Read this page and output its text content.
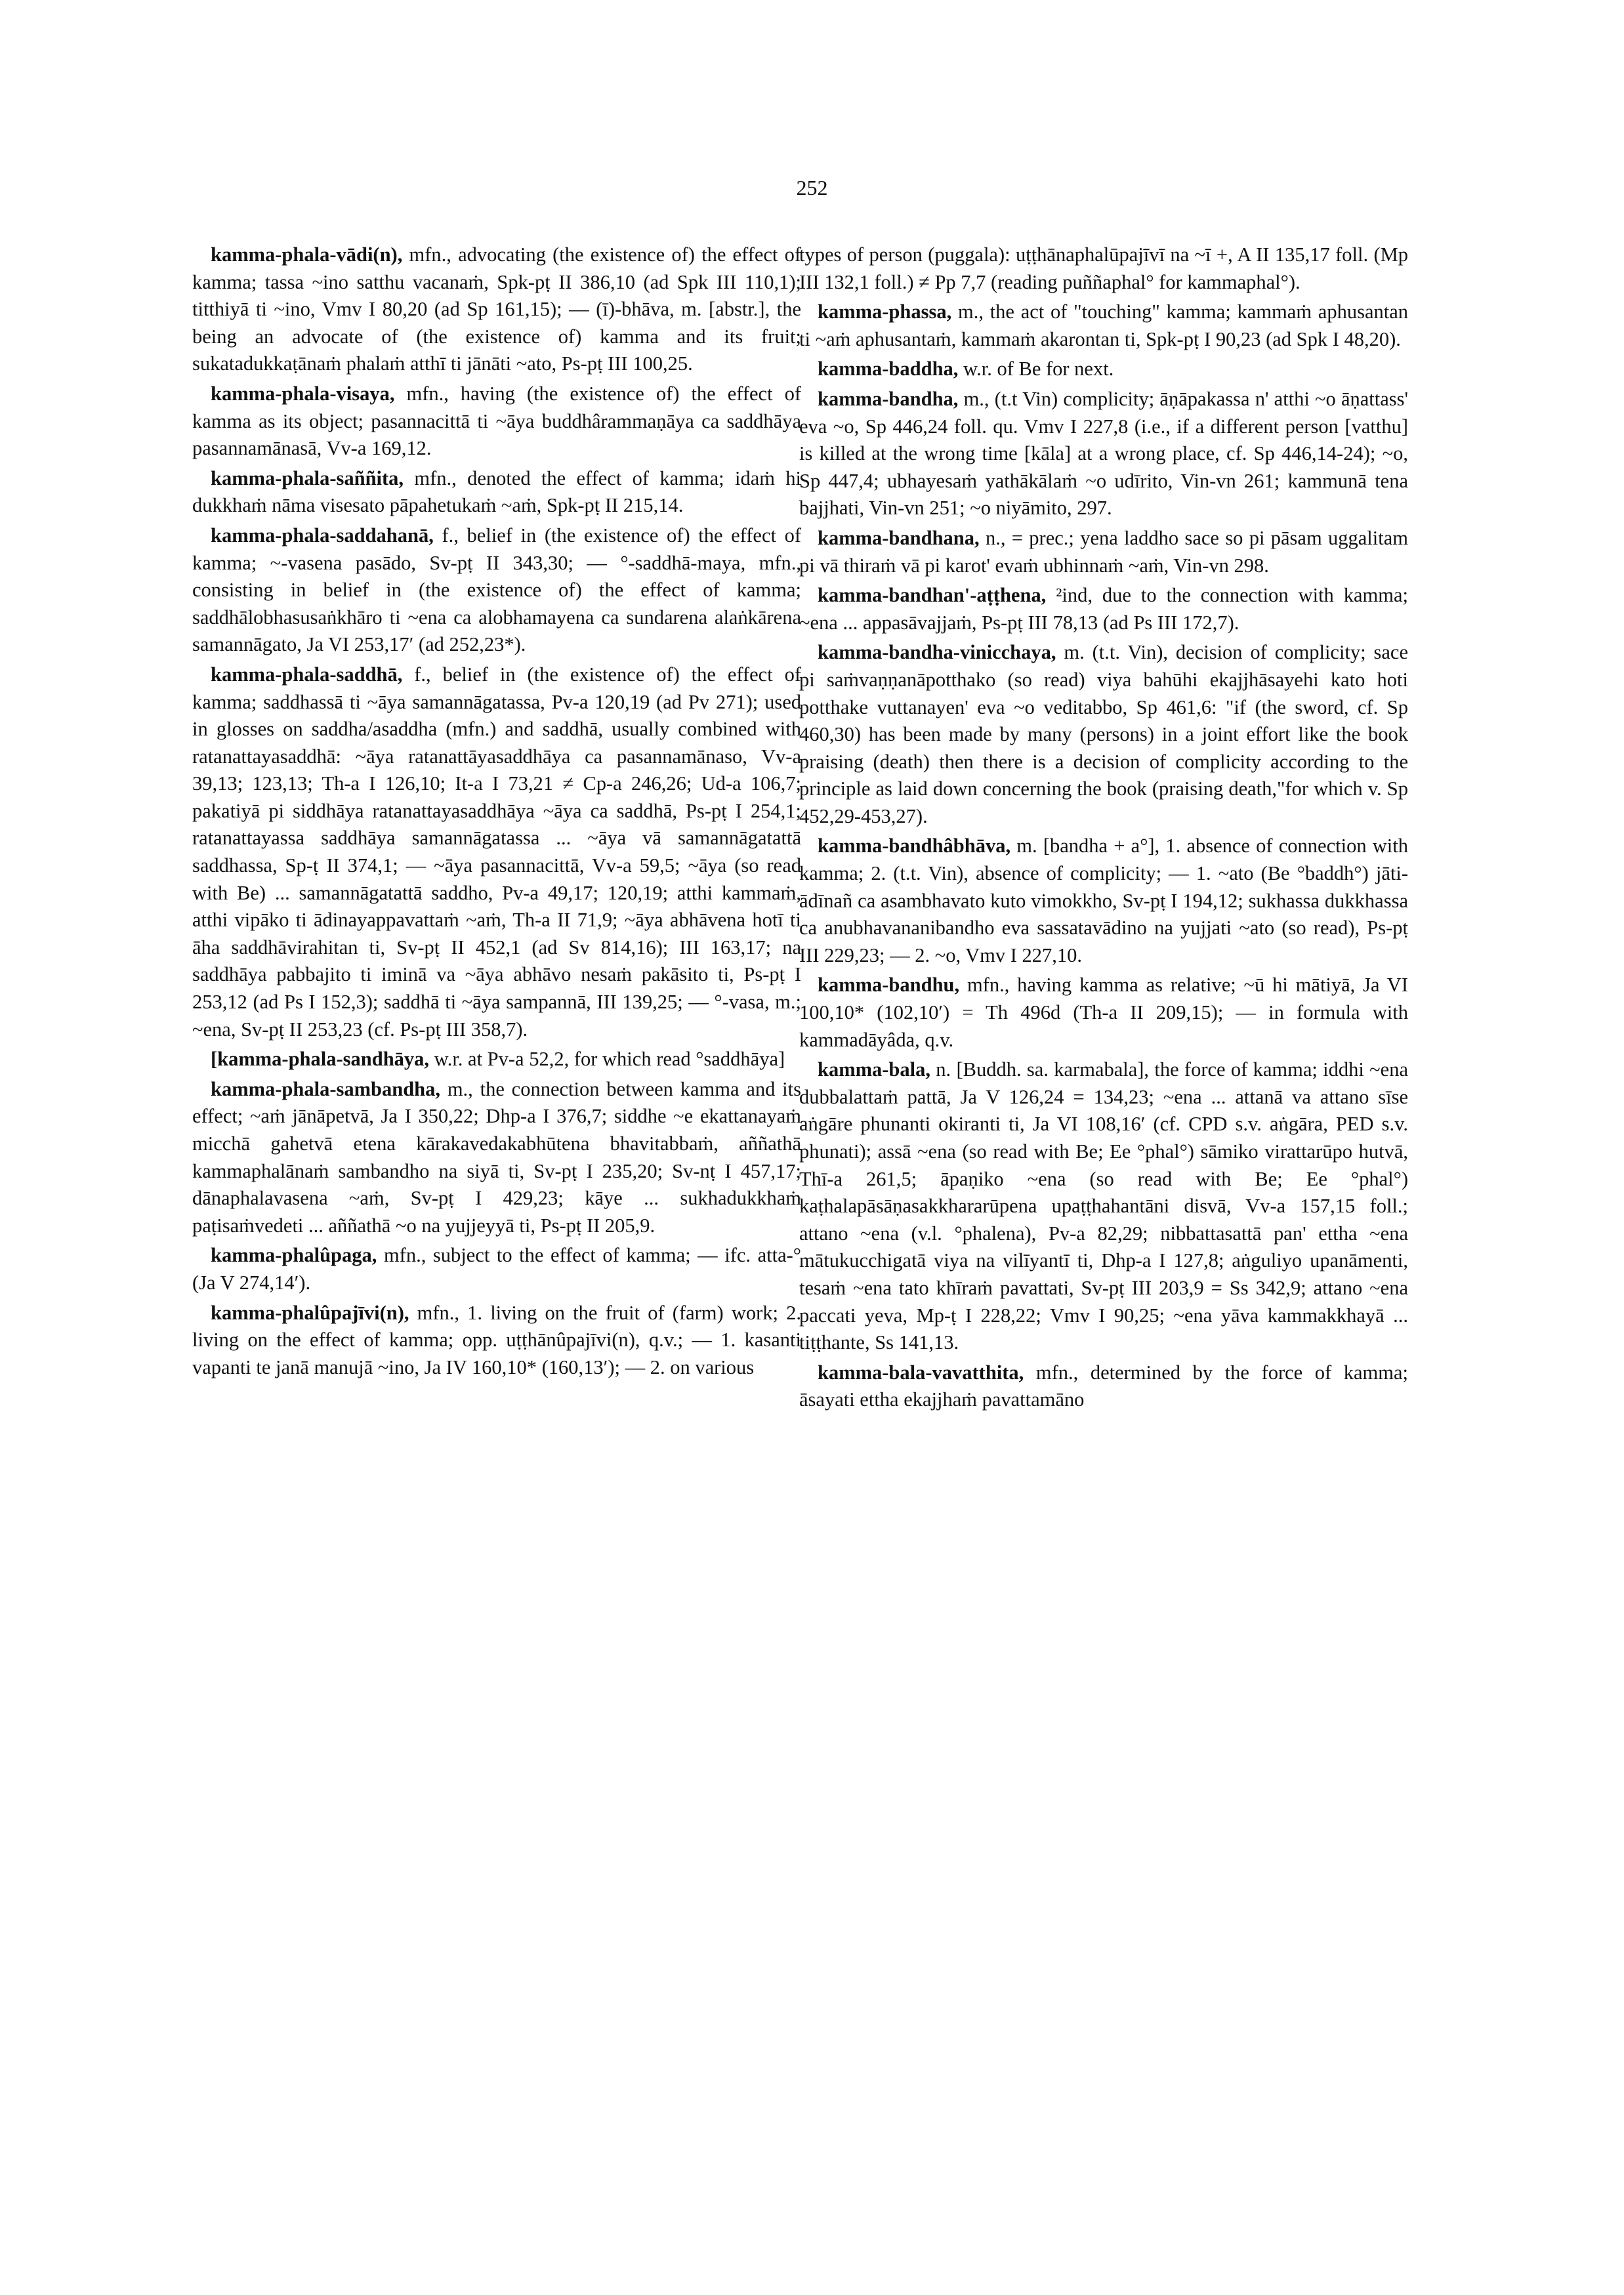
252

kamma-phala-vādi(n), mfn., advocating (the existence of) the effect of kamma; tassa ~ino satthu vacanaṁ, Spk-pṭ II 386,10 (ad Spk III 110,1); titthiyā ti ~ino, Vmv I 80,20 (ad Sp 161,15); — (ī)-bhāva, m. [abstr.], the being an advocate of (the existence of) kamma and its fruit; sukatadukkaṭānaṁ phalaṁ atthī ti jānāti ~ato, Ps-pṭ III 100,25.

kamma-phala-visaya, mfn., having (the existence of) the effect of kamma as its object; pasannacittā ti ~āya buddhârammaṇāya ca saddhāya pasannamānasā, Vv-a 169,12.

kamma-phala-saññita, mfn., denoted the effect of kamma; idaṁ hi dukkhaṁ nāma visesato pāpahetukaṁ ~aṁ, Spk-pṭ II 215,14.

kamma-phala-saddahanā, f., belief in (the existence of) the effect of kamma; ~-vasena pasādo, Sv-pṭ II 343,30; — °-saddhā-maya, mfn., consisting in belief in (the existence of) the effect of kamma; saddhālobhasusaṅkhāro ti ~ena ca alobhamayena ca sundarena alaṅkārena samannāgato, Ja VI 253,17′ (ad 252,23*).

kamma-phala-saddhā, f., belief in (the existence of) the effect of kamma; saddhassā ti ~āya samannāgatassa, Pv-a 120,19 (ad Pv 271); used in glosses on saddha/asaddha (mfn.) and saddhā, usually combined with ratanattayasaddhā: ~āya ratanattāyasaddhāya ca pasannamānaso, Vv-a 39,13; 123,13; Th-a I 126,10; It-a I 73,21 ≠ Cp-a 246,26; Ud-a 106,7; pakatiyā pi siddhāya ratanattayasaddhāya ~āya ca saddhā, Ps-pṭ I 254,1; ratanattayassa saddhāya samannāgatassa ... ~āya vā samannāgatattā saddhassa, Sp-ṭ II 374,1; — ~āya pasannacittā, Vv-a 59,5; ~āya (so read with Be) ... samannāgatattā saddho, Pv-a 49,17; 120,19; atthi kammaṁ, atthi vipāko ti ādinayappavattaṁ ~aṁ, Th-a II 71,9; ~āya abhāvena hotī ti āha saddhāvirahitan ti, Sv-pṭ II 452,1 (ad Sv 814,16); III 163,17; na saddhāya pabbajito ti iminā va ~āya abhāvo nesaṁ pakāsito ti, Ps-pṭ I 253,12 (ad Ps I 152,3); saddhā ti ~āya sampannā, III 139,25; — °-vasa, m.; ~ena, Sv-pṭ II 253,23 (cf. Ps-pṭ III 358,7).

[kamma-phala-sandhāya, w.r. at Pv-a 52,2, for which read °saddhāya]

kamma-phala-sambandha, m., the connection between kamma and its effect; ~aṁ jānāpetvā, Ja I 350,22; Dhp-a I 376,7; siddhe ~e ekattanayaṁ micchā gahetvā etena kārakavedakabhūtena bhavitabbaṁ, aññathā kammaphalānaṁ sambandho na siyā ti, Sv-pṭ I 235,20; Sv-nṭ I 457,17; dānaphalavasena ~aṁ, Sv-pṭ I 429,23; kāye ... sukhadukkhaṁ paṭisaṁvedeti ... aññathā ~o na yujjeyyā ti, Ps-pṭ II 205,9.

kamma-phalûpaga, mfn., subject to the effect of kamma; — ifc. atta-° (Ja V 274,14′).

kamma-phalûpajīvi(n), mfn., 1. living on the fruit of (farm) work; 2. living on the effect of kamma; opp. uṭṭhānûpajīvi(n), q.v.; — 1. kasanti vapanti te janā manujā ~ino, Ja IV 160,10* (160,13′); — 2. on various

types of person (puggala): uṭṭhānaphalūpajīvī na ~ī +, A II 135,17 foll. (Mp III 132,1 foll.) ≠ Pp 7,7 (reading puññaphal° for kammaphal°).

kamma-phassa, m., the act of "touching" kamma; kammaṁ aphusantan ti ~aṁ aphusantaṁ, kammaṁ akarontan ti, Spk-pṭ I 90,23 (ad Spk I 48,20).

kamma-baddha, w.r. of Be for next.

kamma-bandha, m., (t.t Vin) complicity; āṇāpakassa n' atthi ~o āṇattass' eva ~o, Sp 446,24 foll. qu. Vmv I 227,8 (i.e., if a different person [vatthu] is killed at the wrong time [kāla] at a wrong place, cf. Sp 446,14-24); ~o, Sp 447,4; ubhayesaṁ yathākālaṁ ~o udīrito, Vin-vn 261; kammunā tena bajjhati, Vin-vn 251; ~o niyāmito, 297.

kamma-bandhana, n., = prec.; yena laddho sace so pi pāsam uggalitam pi vā thiraṁ vā pi karot' evaṁ ubhinnaṁ ~aṁ, Vin-vn 298.

kamma-bandhan'-aṭṭhena, ²ind, due to the connection with kamma; ~ena ... appasāvajjaṁ, Ps-pṭ III 78,13 (ad Ps III 172,7).

kamma-bandha-vinicchaya, m. (t.t. Vin), decision of complicity; sace pi saṁvaṇṇanāpotthako (so read) viya bahūhi ekajjhāsayehi kato hoti potthake vuttanayen' eva ~o veditabbo, Sp 461,6: "if (the sword, cf. Sp 460,30) has been made by many (persons) in a joint effort like the book praising (death) then there is a decision of complicity according to the principle as laid down concerning the book (praising death,"for which v. Sp 452,29-453,27).

kamma-bandhâbhāva, m. [bandha + a°], 1. absence of connection with kamma; 2. (t.t. Vin), absence of complicity; — 1. ~ato (Be °baddh°) jāti-ādīnañ ca asambhavato kuto vimokkho, Sv-pṭ I 194,12; sukhassa dukkhassa ca anubhavananibandho eva sassatavādino na yujjati ~ato (so read), Ps-pṭ III 229,23; — 2. ~o, Vmv I 227,10.

kamma-bandhu, mfn., having kamma as relative; ~ū hi mātiyā, Ja VI 100,10* (102,10′) = Th 496d (Th-a II 209,15); — in formula with kammadāyâda, q.v.

kamma-bala, n. [Buddh. sa. karmabala], the force of kamma; iddhi ~ena dubbalattaṁ pattā, Ja V 126,24 = 134,23; ~ena ... attanā va attano sīse aṅgāre phunanti okiranti ti, Ja VI 108,16′ (cf. CPD s.v. aṅgāra, PED s.v. phunati); assā ~ena (so read with Be; Ee °phal°) sāmiko virattarūpo hutvā, Thī-a 261,5; āpaṇiko ~ena (so read with Be; Ee °phal°) kaṭhalapāsāṇasakkhararūpena upaṭṭhahantāni disvā, Vv-a 157,15 foll.; attano ~ena (v.l. °phalena), Pv-a 82,29; nibbattasattā pan' ettha ~ena mātukucchigatā viya na vilīyantī ti, Dhp-a I 127,8; aṅguliyo upanāmenti, tesaṁ ~ena tato khīraṁ pavattati, Sv-pṭ III 203,9 = Ss 342,9; attano ~ena paccati yeva, Mp-ṭ I 228,22; Vmv I 90,25; ~ena yāva kammakkhayā ... tiṭṭhante, Ss 141,13.

kamma-bala-vavatthita, mfn., determined by the force of kamma; āsayati ettha ekajjhaṁ pavattamāno
